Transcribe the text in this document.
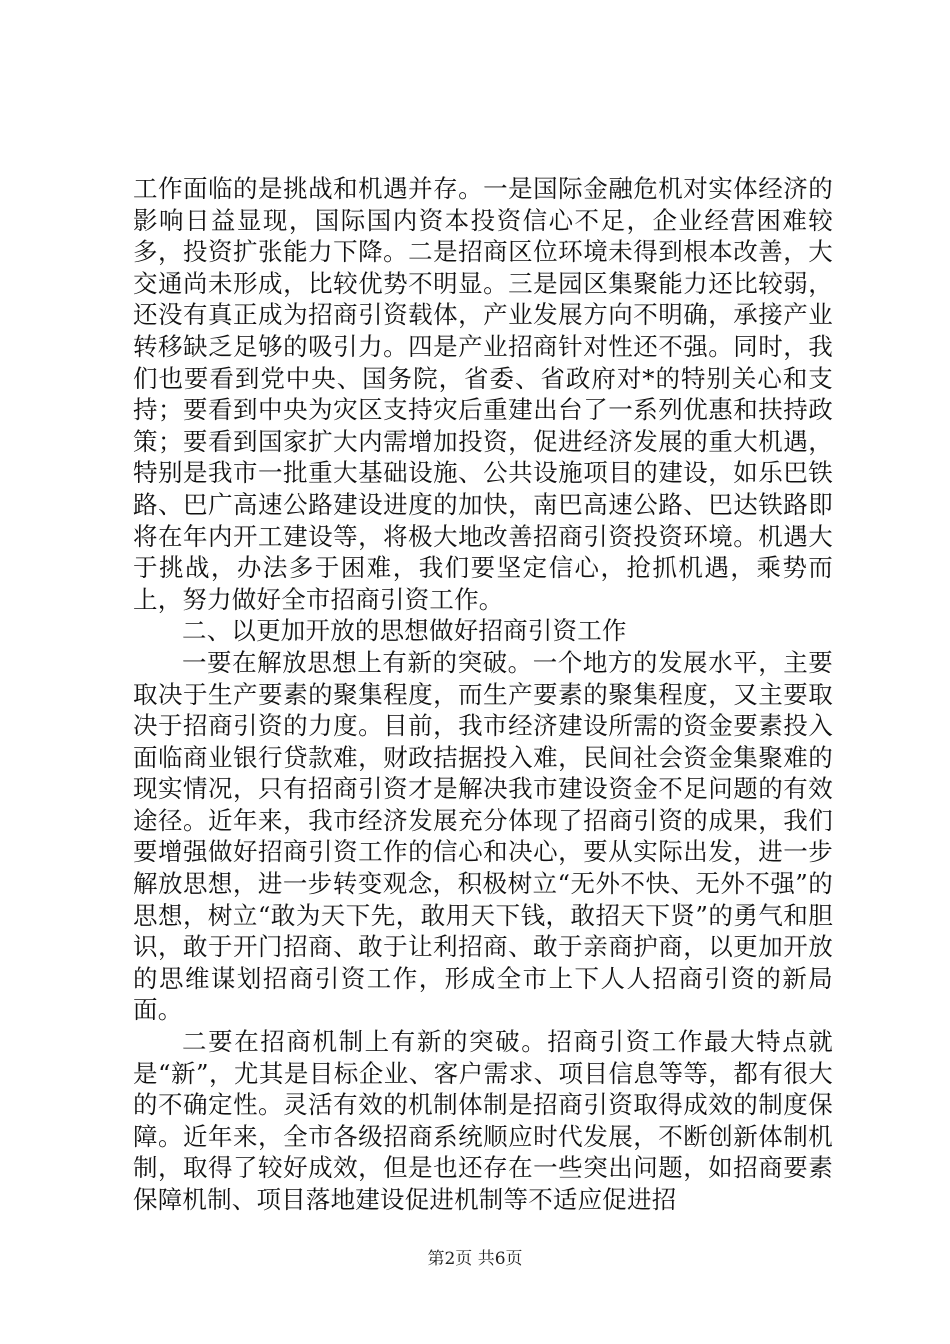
工作面临的是挑战和机遇并存。一是国际金融危机对实体经济的影响日益显现，国际国内资本投资信心不足，企业经营困难较多，投资扩张能力下降。二是招商区位环境未得到根本改善，大交通尚未形成，比较优势不明显。三是园区集聚能力还比较弱，还没有真正成为招商引资载体，产业发展方向不明确，承接产业转移缺乏足够的吸引力。四是产业招商针对性还不强。同时，我们也要看到党中央、国务院，省委、省政府对*的特别关心和支持；要看到中央为灾区支持灾后重建出台了一系列优惠和扶持政策；要看到国家扩大内需增加投资，促进经济发展的重大机遇，特别是我市一批重大基础设施、公共设施项目的建设，如乐巴铁路、巴广高速公路建设进度的加快，南巴高速公路、巴达铁路即将在年内开工建设等，将极大地改善招商引资投资环境。机遇大于挑战，办法多于困难，我们要坚定信心，抢抓机遇，乘势而上，努力做好全市招商引资工作。

二、以更加开放的思想做好招商引资工作

一要在解放思想上有新的突破。一个地方的发展水平，主要取决于生产要素的聚集程度，而生产要素的聚集程度，又主要取决于招商引资的力度。目前，我市经济建设所需的资金要素投入面临商业银行贷款难，财政拮据投入难，民间社会资金集聚难的现实情况，只有招商引资才是解决我市建设资金不足问题的有效途径。近年来，我市经济发展充分体现了招商引资的成果，我们要增强做好招商引资工作的信心和决心，要从实际出发，进一步解放思想，进一步转变观念，积极树立“无外不快、无外不强”的思想，树立“敢为天下先，敢用天下钱，敢招天下贤”的勇气和胆识，敢于开门招商、敢于让利招商、敢于亲商护商，以更加开放的思维谋划招商引资工作，形成全市上下人人招商引资的新局面。

二要在招商机制上有新的突破。招商引资工作最大特点就是“新”，尤其是目标企业、客户需求、项目信息等等，都有很大的不确定性。灵活有效的机制体制是招商引资取得成效的制度保障。近年来，全市各级招商系统顺应时代发展，不断创新体制机制，取得了较好成效，但是也还存在一些突出问题，如招商要素保障机制、项目落地建设促进机制等不适应促进招

第2页 共6页
